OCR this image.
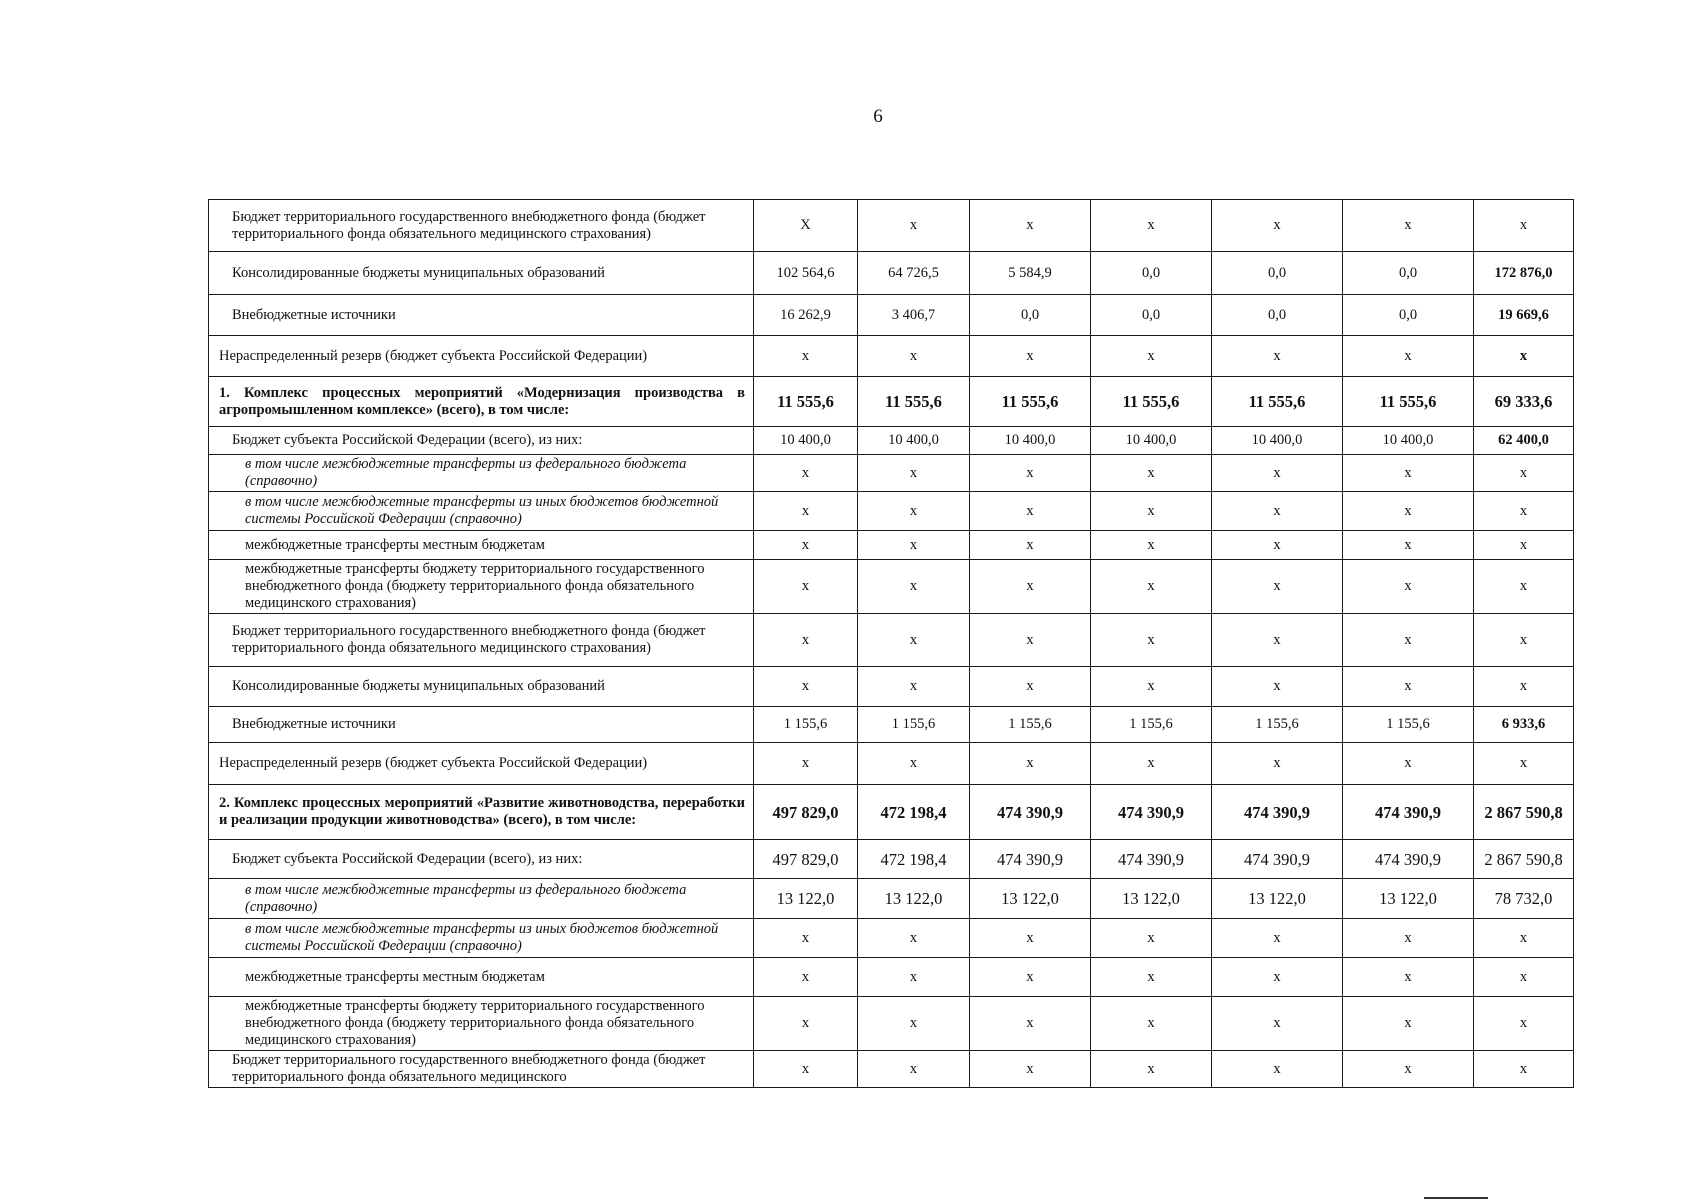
6
Бюджет территориального государственного внебюджетного фонда (бюджет территориального фонда обязательного медицинского страхования)	X	x	x	x	x	x	x
Консолидированные бюджеты муниципальных образований	102 564,6	64 726,5	5 584,9	0,0	0,0	0,0	172 876,0
Внебюджетные источники	16 262,9	3 406,7	0,0	0,0	0,0	0,0	19 669,6
Нераспределенный резерв (бюджет субъекта Российской Федерации)	x	x	x	x	x	x	x
1. Комплекс процессных мероприятий «Модернизация производства в агропромышленном комплексе» (всего), в том числе:	11 555,6	11 555,6	11 555,6	11 555,6	11 555,6	11 555,6	69 333,6
Бюджет субъекта Российской Федерации (всего), из них:	10 400,0	10 400,0	10 400,0	10 400,0	10 400,0	10 400,0	62 400,0
в том числе межбюджетные трансферты из федерального бюджета (справочно)	x	x	x	x	x	x	x
в том числе межбюджетные трансферты из иных бюджетов бюджетной системы Российской Федерации (справочно)	x	x	x	x	x	x	x
межбюджетные трансферты местным бюджетам	x	x	x	x	x	x	x
межбюджетные трансферты бюджету территориального государственного внебюджетного фонда (бюджету территориального фонда обязательного медицинского страхования)	x	x	x	x	x	x	x
Бюджет территориального государственного внебюджетного фонда (бюджет территориального фонда обязательного медицинского страхования)	x	x	x	x	x	x	x
Консолидированные бюджеты муниципальных образований	x	x	x	x	x	x	x
Внебюджетные источники	1 155,6	1 155,6	1 155,6	1 155,6	1 155,6	1 155,6	6 933,6
Нераспределенный резерв (бюджет субъекта Российской Федерации)	x	x	x	x	x	x	x
2. Комплекс процессных мероприятий «Развитие животноводства, переработки и реализации продукции животноводства» (всего), в том числе:	497 829,0	472 198,4	474 390,9	474 390,9	474 390,9	474 390,9	2 867 590,8
Бюджет субъекта Российской Федерации (всего), из них:	497 829,0	472 198,4	474 390,9	474 390,9	474 390,9	474 390,9	2 867 590,8
в том числе межбюджетные трансферты из федерального бюджета (справочно)	13 122,0	13 122,0	13 122,0	13 122,0	13 122,0	13 122,0	78 732,0
в том числе межбюджетные трансферты из иных бюджетов бюджетной системы Российской Федерации (справочно)	x	x	x	x	x	x	x
межбюджетные трансферты местным бюджетам	x	x	x	x	x	x	x
межбюджетные трансферты бюджету территориального государственного внебюджетного фонда (бюджету территориального фонда обязательного медицинского страхования)	x	x	x	x	x	x	x
Бюджет территориального государственного внебюджетного фонда (бюджет территориального фонда обязательного медицинского	x	x	x	x	x	x	x
